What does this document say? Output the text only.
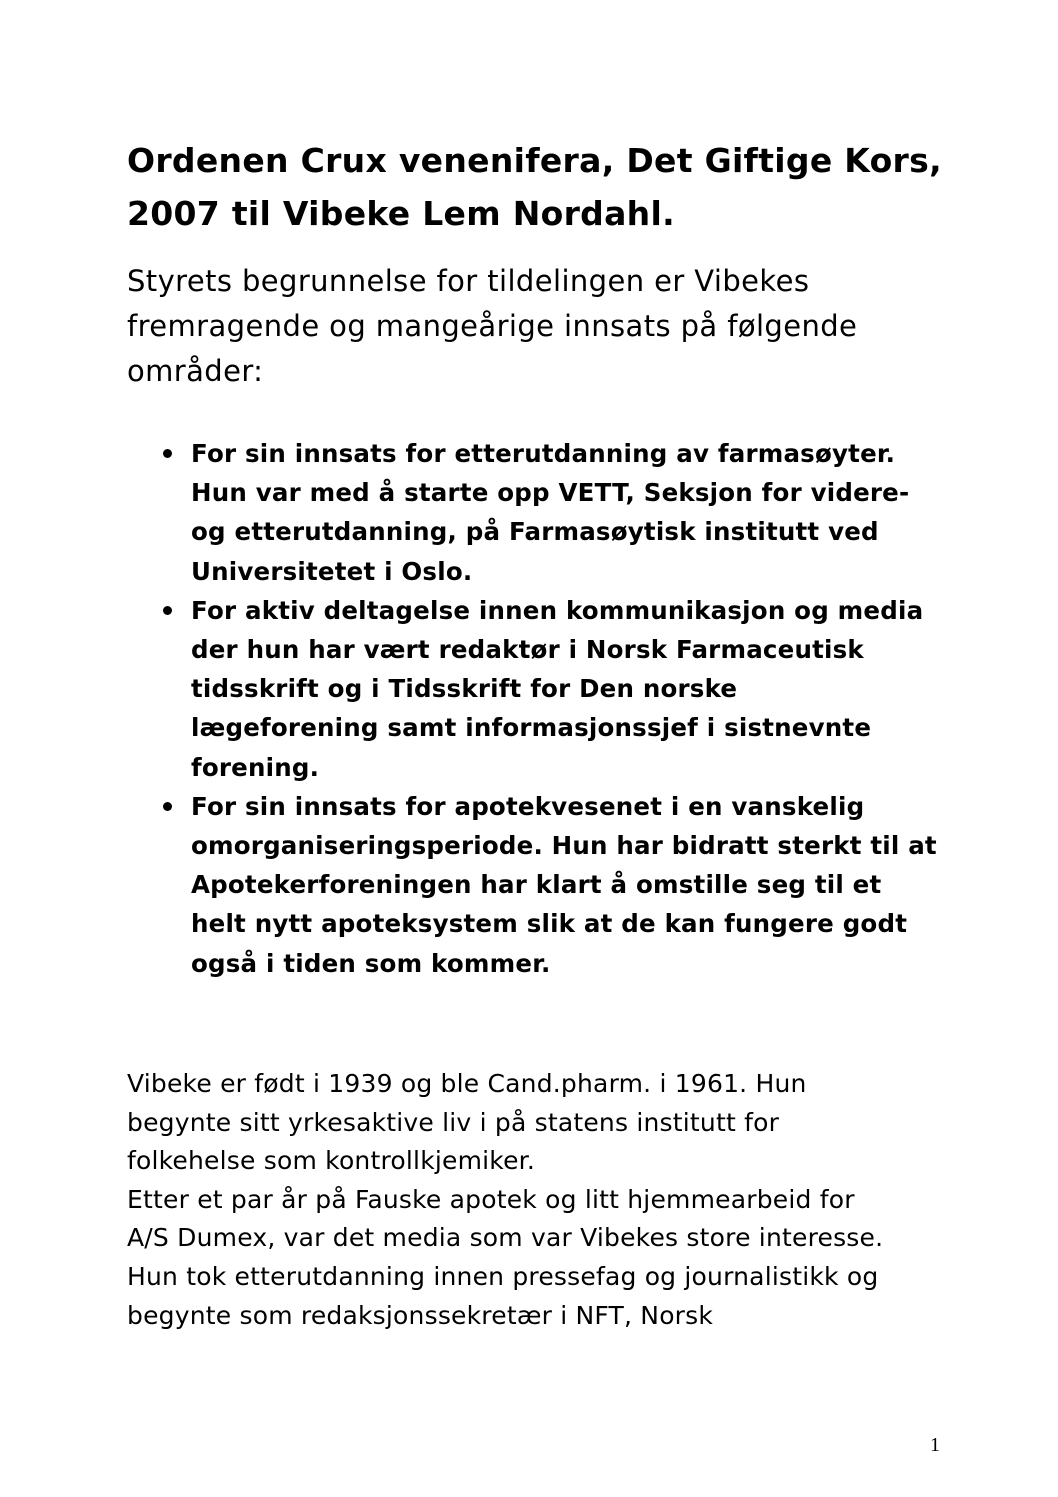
Ordenen Crux venenifera, Det Giftige Kors,
2007 til Vibeke Lem Nordahl.

Styrets begrunnelse for tildelingen er Vibekes
fremragende og mangeårige innsats på følgende
områder:

For sin innsats for etterutdanning av farmasøyter.
Hun var med å starte opp VETT, Seksjon for videre-
og etterutdanning, på Farmasøytisk institutt ved
Universitetet i Oslo.
For aktiv deltagelse innen kommunikasjon og media
der hun har vært redaktør i Norsk Farmaceutisk
tidsskrift og i Tidsskrift for Den norske
lægeforening samt informasjonssjef i sistnevnte
forening.
For sin innsats for apotekvesenet i en vanskelig
omorganiseringsperiode. Hun har bidratt sterkt til at
Apotekerforeningen har klart å omstille seg til et
helt nytt apoteksystem slik at de kan fungere godt
også i tiden som kommer.

Vibeke er født i 1939 og ble Cand.pharm. i 1961. Hun
begynte sitt yrkesaktive liv i på statens institutt for
folkehelse som kontrollkjemiker.
Etter et par år på Fauske apotek og litt hjemmearbeid for
A/S Dumex, var det media som var Vibekes store interesse.
Hun tok etterutdanning innen pressefag og journalistikk og
begynte som redaksjonssekretær i NFT, Norsk

1
